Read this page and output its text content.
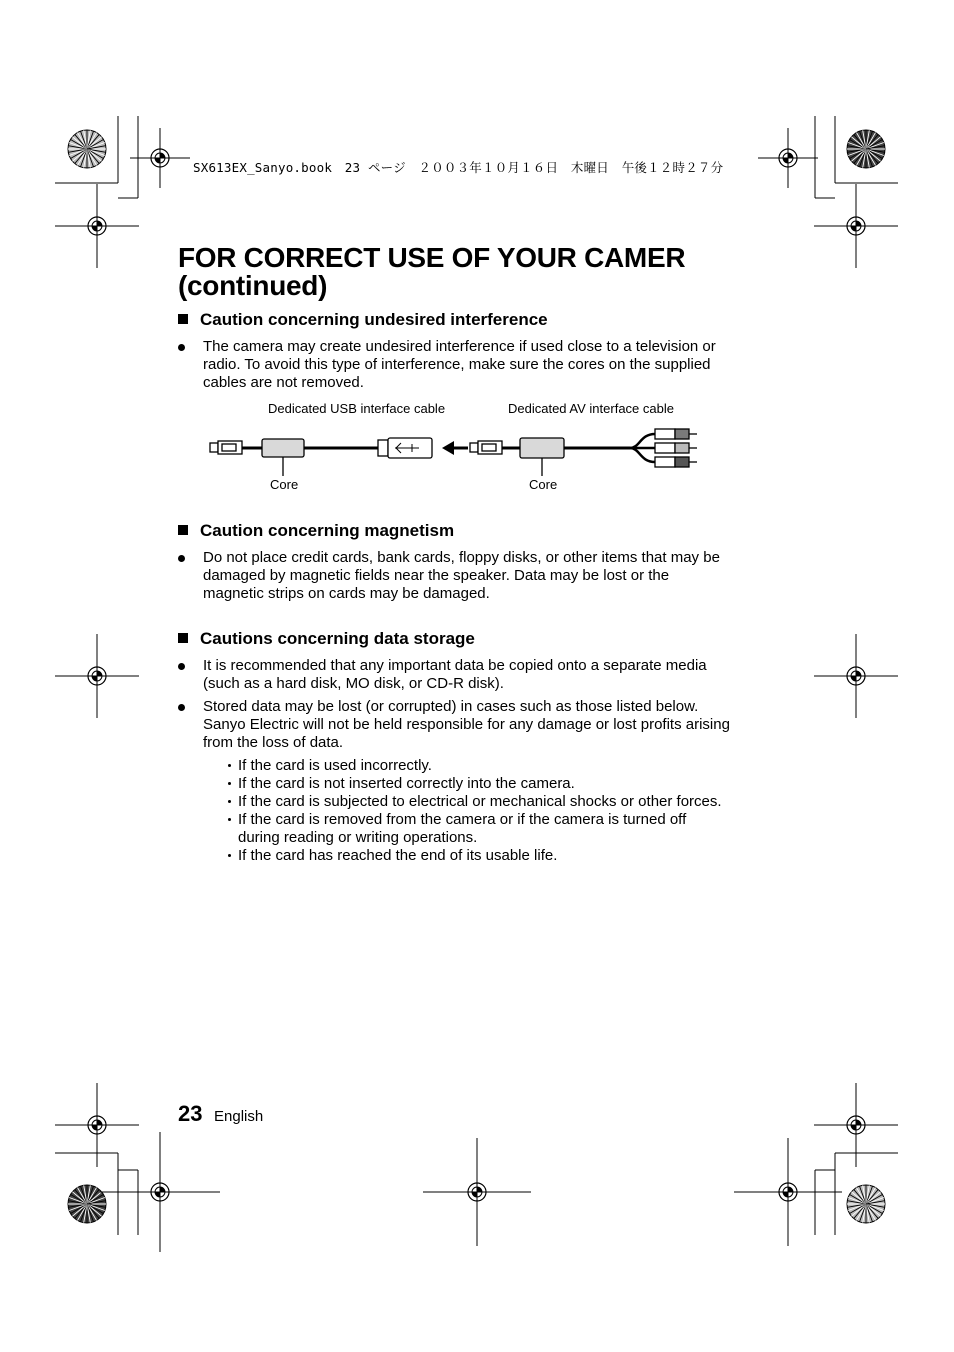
SX613EX_Sanyo.book　23 ページ　２００３年１０月１６日　木曜日　午後１２時２７分
FOR CORRECT USE OF YOUR CAMER
(continued)
Caution concerning undesired interference
The camera may create undesired interference if used close to a television or radio. To avoid this type of interference, make sure the cores on the supplied cables are not removed.
Dedicated USB interface cable	Dedicated AV interface cable
Core	Core
Caution concerning magnetism
Do not place credit cards, bank cards, floppy disks, or other items that may be damaged by magnetic fields near the speaker. Data may be lost or the magnetic strips on cards may be damaged.
Cautions concerning data storage
It is recommended that any important data be copied onto a separate media (such as a hard disk, MO disk, or CD-R disk).
Stored data may be lost (or corrupted) in cases such as those listed below. Sanyo Electric will not be held responsible for any damage or lost profits arising from the loss of data.
If the card is used incorrectly.
If the card is not inserted correctly into the camera.
If the card is subjected to electrical or mechanical shocks or other forces.
If the card is removed from the camera or if the camera is turned off during reading or writing operations.
If the card has reached the end of its usable life.
23 English
